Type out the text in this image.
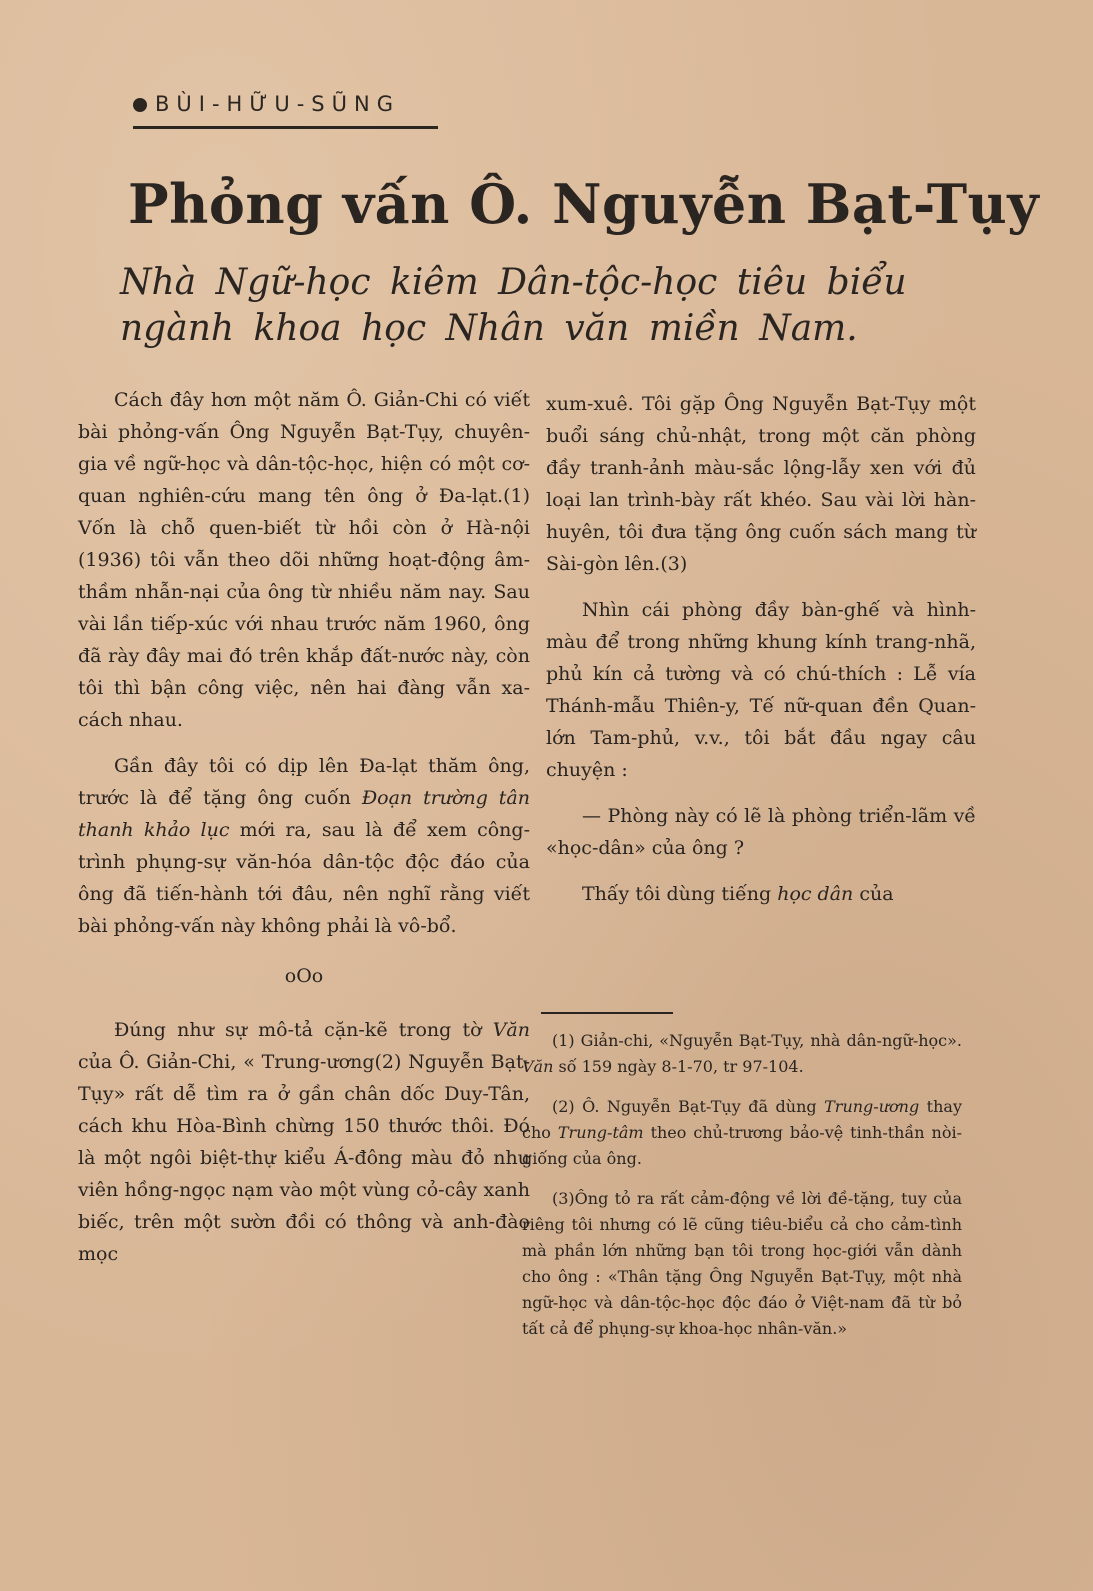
BÙI-HỮU-SŨNG
Phỏng vấn Ô. Nguyễn Bạt-Tụy
Nhà Ngữ-học kiêm Dân-tộc-học tiêu biểu
ngành khoa học Nhân văn miền Nam.

Cách đây hơn một năm Ô. Giản-Chi có viết bài phỏng-vấn Ông Nguyễn Bạt-Tụy, chuyên-gia về ngữ-học và dân-tộc-học, hiện có một cơ-quan nghiên-cứu mang tên ông ở Đa-lạt.(1) Vốn là chỗ quen-biết từ hồi còn ở Hà-nội (1936) tôi vẫn theo dõi những hoạt-động âm-thầm nhẫn-nại của ông từ nhiều năm nay. Sau vài lần tiếp-xúc với nhau trước năm 1960, ông đã rày đây mai đó trên khắp đất-nước này, còn tôi thì bận công việc, nên hai đàng vẫn xa-cách nhau.

Gần đây tôi có dịp lên Đa-lạt thăm ông, trước là để tặng ông cuốn Đoạn trường tân thanh khảo lục mới ra, sau là để xem công-trình phụng-sự văn-hóa dân-tộc độc đáo của ông đã tiến-hành tới đâu, nên nghĩ rằng viết bài phỏng-vấn này không phải là vô-bổ.

oOo

Đúng như sự mô-tả cặn-kẽ trong tờ Văn của Ô. Giản-Chi, « Trung-ương(2) Nguyễn Bạt-Tụy» rất dễ tìm ra ở gần chân dốc Duy-Tân, cách khu Hòa-Bình chừng 150 thước thôi. Đó là một ngôi biệt-thự kiểu Á-đông màu đỏ như viên hồng-ngọc nạm vào một vùng cỏ-cây xanh biếc, trên một sườn đồi có thông và anh-đào mọc

xum-xuê. Tôi gặp Ông Nguyễn Bạt-Tụy một buổi sáng chủ-nhật, trong một căn phòng đầy tranh-ảnh màu-sắc lộng-lẫy xen với đủ loại lan trình-bày rất khéo. Sau vài lời hàn-huyên, tôi đưa tặng ông cuốn sách mang từ Sài-gòn lên.(3)

Nhìn cái phòng đầy bàn-ghế và hình-màu để trong những khung kính trang-nhã, phủ kín cả tường và có chú-thích : Lễ vía Thánh-mẫu Thiên-y, Tế nữ-quan đền Quan-lớn Tam-phủ, v.v., tôi bắt đầu ngay câu chuyện :

— Phòng này có lẽ là phòng triển-lãm về «học-dân» của ông ?

Thấy tôi dùng tiếng học dân của

(1) Giản-chi, «Nguyễn Bạt-Tụy, nhà dân-ngữ-học». Văn số 159 ngày 8-1-70, tr 97-104.

(2) Ô. Nguyễn Bạt-Tụy đã dùng Trung-ương thay cho Trung-tâm theo chủ-trương bảo-vệ tinh-thần nòi-giống của ông.

(3)Ông tỏ ra rất cảm-động về lời đề-tặng, tuy của riêng tôi nhưng có lẽ cũng tiêu-biểu cả cho cảm-tình mà phần lớn những bạn tôi trong học-giới vẫn dành cho ông : «Thân tặng Ông Nguyễn Bạt-Tụy, một nhà ngữ-học và dân-tộc-học độc đáo ở Việt-nam đã từ bỏ tất cả để phụng-sự khoa-học nhân-văn.»
